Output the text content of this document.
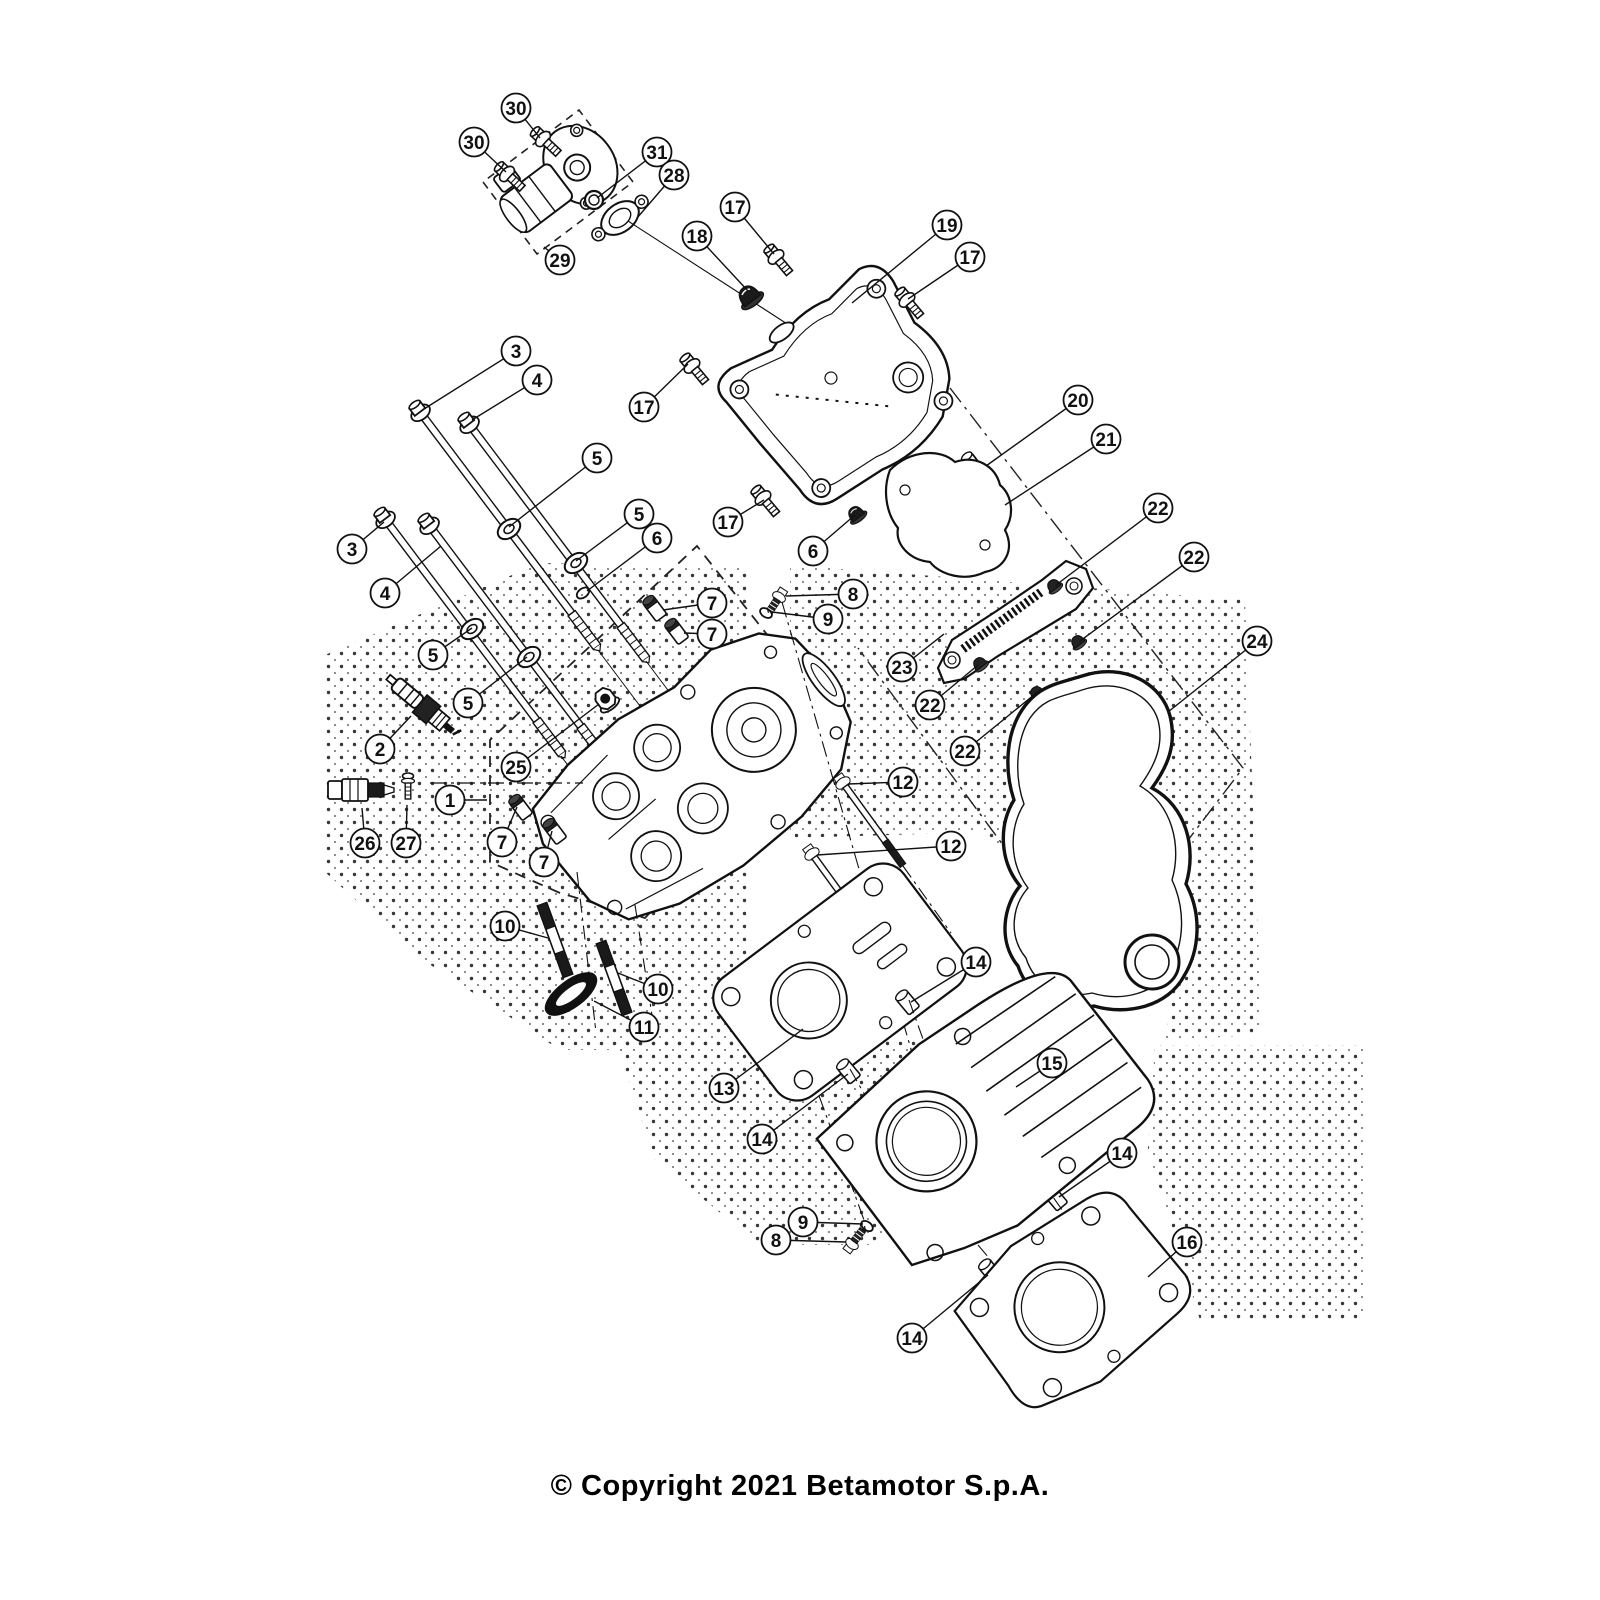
30
30	31
28
29
17
18
19
17
3
4
17
5
5
6
20
21
22
22
17
6
3
4
5
5
7
7
8
9
23
22
22
2
25
1
26 27	7
7
12
12
24
10
10
11
14
13
14
15
9
8
14
16
14
© Copyright 2021 Betamotor S.p.A.
